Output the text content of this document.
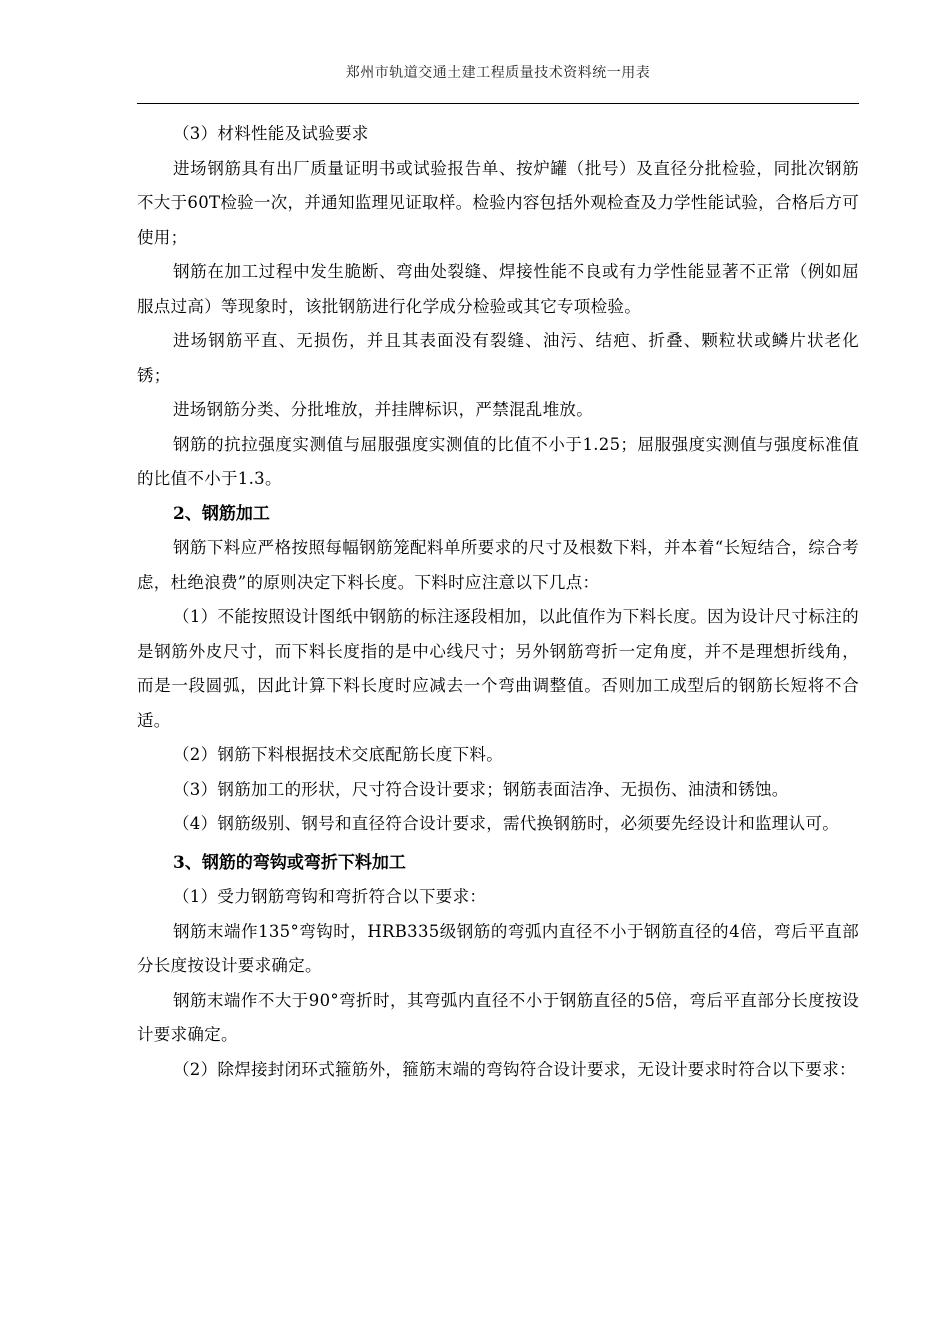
郑州市轨道交通土建工程质量技术资料统一用表

（3）材料性能及试验要求

进场钢筋具有出厂质量证明书或试验报告单、按炉罐（批号）及直径分批检验，同批次钢筋不大于60T检验一次，并通知监理见证取样。检验内容包括外观检查及力学性能试验，合格后方可使用；

钢筋在加工过程中发生脆断、弯曲处裂缝、焊接性能不良或有力学性能显著不正常（例如屈服点过高）等现象时，该批钢筋进行化学成分检验或其它专项检验。

进场钢筋平直、无损伤，并且其表面没有裂缝、油污、结疤、折叠、颗粒状或鳞片状老化锈；

进场钢筋分类、分批堆放，并挂牌标识，严禁混乱堆放。

钢筋的抗拉强度实测值与屈服强度实测值的比值不小于1.25；屈服强度实测值与强度标准值的比值不小于1.3。

2、钢筋加工

钢筋下料应严格按照每幅钢筋笼配料单所要求的尺寸及根数下料，并本着“长短结合，综合考虑，杜绝浪费”的原则决定下料长度。下料时应注意以下几点：

（1）不能按照设计图纸中钢筋的标注逐段相加，以此值作为下料长度。因为设计尺寸标注的是钢筋外皮尺寸，而下料长度指的是中心线尺寸；另外钢筋弯折一定角度，并不是理想折线角，而是一段圆弧，因此计算下料长度时应减去一个弯曲调整值。否则加工成型后的钢筋长短将不合适。

（2）钢筋下料根据技术交底配筋长度下料。

（3）钢筋加工的形状，尺寸符合设计要求；钢筋表面洁净、无损伤、油渍和锈蚀。

（4）钢筋级别、钢号和直径符合设计要求，需代换钢筋时，必须要先经设计和监理认可。

3、钢筋的弯钩或弯折下料加工

（1）受力钢筋弯钩和弯折符合以下要求：

钢筋末端作135°弯钩时，HRB335级钢筋的弯弧内直径不小于钢筋直径的4倍，弯后平直部分长度按设计要求确定。

钢筋末端作不大于90°弯折时，其弯弧内直径不小于钢筋直径的5倍，弯后平直部分长度按设计要求确定。

（2）除焊接封闭环式箍筋外，箍筋末端的弯钩符合设计要求，无设计要求时符合以下要求：
